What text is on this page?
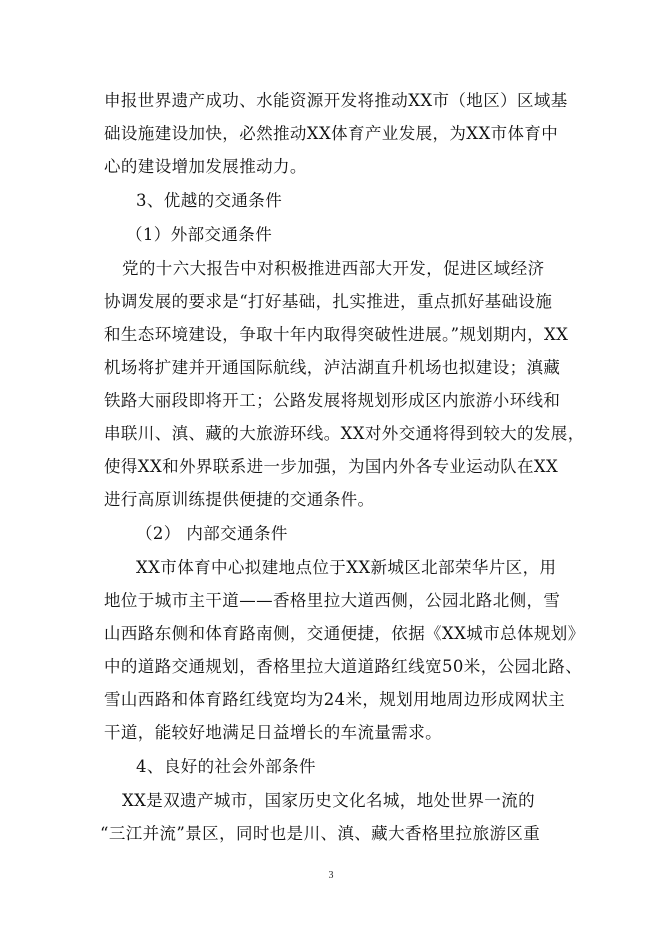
申报世界遗产成功、水能资源开发将推动XX市（地区）区域基
础设施建设加快，必然推动XX体育产业发展，为XX市体育中
心的建设增加发展推动力。
3、优越的交通条件
（1）外部交通条件
党的十六大报告中对积极推进西部大开发，促进区域经济
协调发展的要求是“打好基础，扎实推进，重点抓好基础设施
和生态环境建设，争取十年内取得突破性进展。”规划期内，XX
机场将扩建并开通国际航线，泸沽湖直升机场也拟建设；滇藏
铁路大丽段即将开工；公路发展将规划形成区内旅游小环线和
串联川、滇、藏的大旅游环线。XX对外交通将得到较大的发展，
使得XX和外界联系进一步加强，为国内外各专业运动队在XX
进行高原训练提供便捷的交通条件。
（2） 内部交通条件
XX市体育中心拟建地点位于XX新城区北部荣华片区，用
地位于城市主干道——香格里拉大道西侧，公园北路北侧，雪
山西路东侧和体育路南侧，交通便捷，依据《XX城市总体规划》
中的道路交通规划，香格里拉大道道路红线宽50米，公园北路、
雪山西路和体育路红线宽均为24米，规划用地周边形成网状主
干道，能较好地满足日益增长的车流量需求。
4、良好的社会外部条件
XX是双遗产城市，国家历史文化名城，地处世界一流的
“三江并流”景区，同时也是川、滇、藏大香格里拉旅游区重
3
